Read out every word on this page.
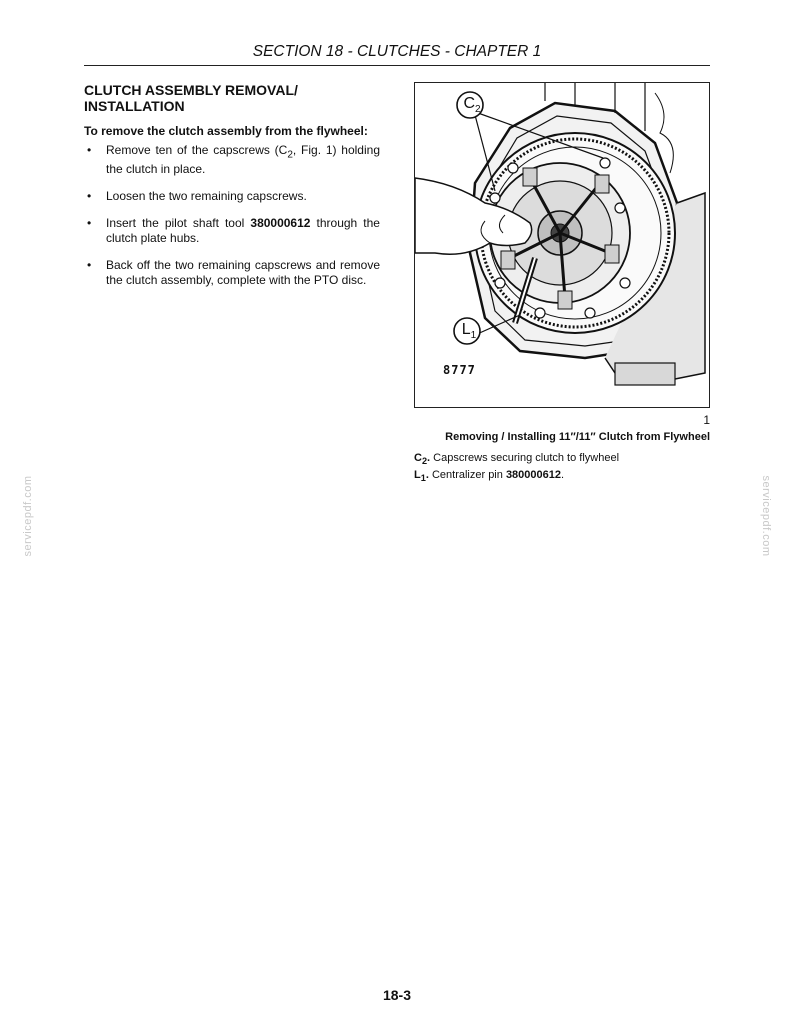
SECTION 18 - CLUTCHES - CHAPTER 1
CLUTCH ASSEMBLY REMOVAL/
INSTALLATION
To remove the clutch assembly from the flywheel:
• Remove ten of the capscrews ($C_2$, Fig. 1) holding the clutch in place.
• Loosen the two remaining capscrews.
• Insert the pilot shaft tool 380000612 through the clutch plate hubs.
• Back off the two remaining capscrews and remove the clutch assembly, complete with the PTO disc.
$C_2$
$L_1$
8777
1
Removing / Installing 11″/11″ Clutch from Flywheel
$C_2$. Capscrews securing clutch to flywheel
$L_1$. Centralizer pin 380000612.
servicepdf.com	servicepdf.com
18-3
